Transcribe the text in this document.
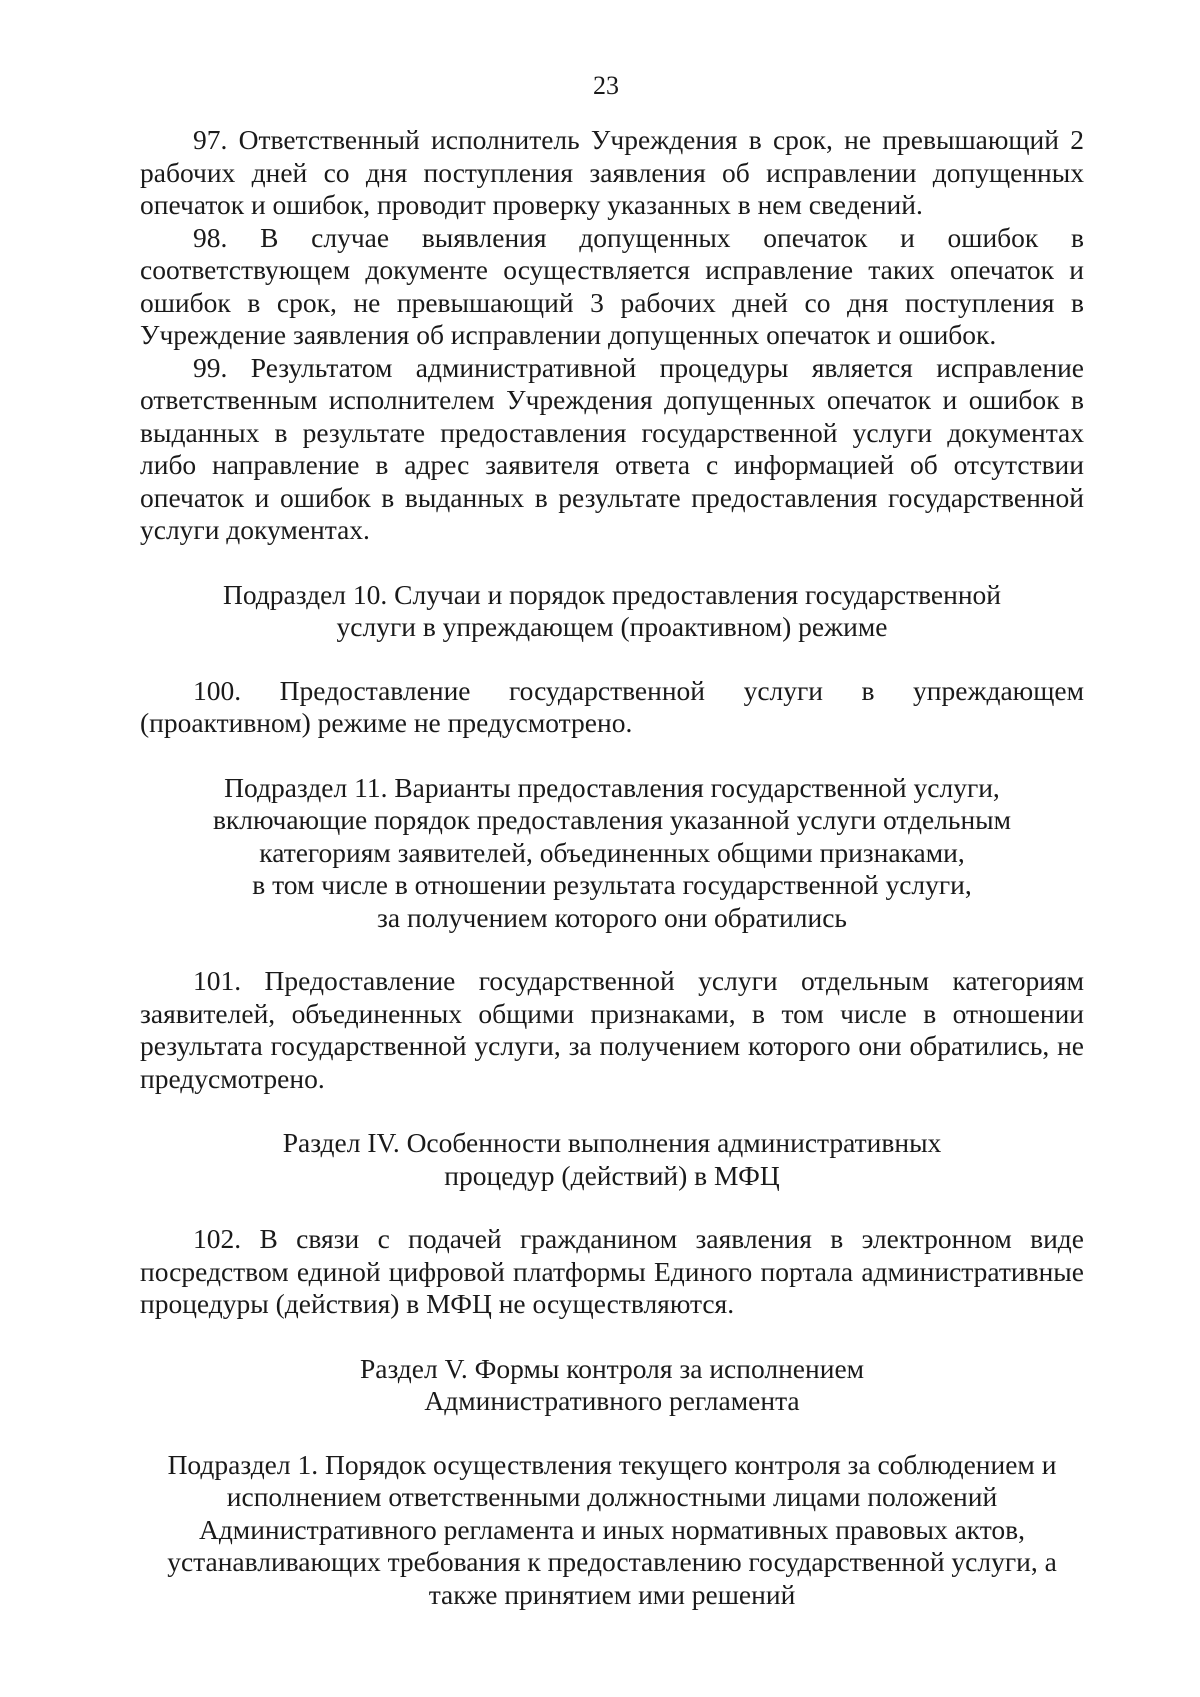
23

97. Ответственный исполнитель Учреждения в срок, не превышающий 2 рабочих дней со дня поступления заявления об исправлении допущенных опечаток и ошибок, проводит проверку указанных в нем сведений.

98. В случае выявления допущенных опечаток и ошибок в соответствующем документе осуществляется исправление таких опечаток и ошибок в срок, не превышающий 3 рабочих дней со дня поступления в Учреждение заявления об исправлении допущенных опечаток и ошибок.

99. Результатом административной процедуры является исправление ответственным исполнителем Учреждения допущенных опечаток и ошибок в выданных в результате предоставления государственной услуги документах либо направление в адрес заявителя ответа с информацией об отсутствии опечаток и ошибок в выданных в результате предоставления государственной услуги документах.

Подраздел 10. Случаи и порядок предоставления государственной
услуги в упреждающем (проактивном) режиме

100. Предоставление государственной услуги в упреждающем (проактивном) режиме не предусмотрено.

Подраздел 11. Варианты предоставления государственной услуги,
включающие порядок предоставления указанной услуги отдельным
категориям заявителей, объединенных общими признаками,
в том числе в отношении результата государственной услуги,
за получением которого они обратились

101. Предоставление государственной услуги отдельным категориям заявителей, объединенных общими признаками, в том числе в отношении результата государственной услуги, за получением которого они обратились, не предусмотрено.

Раздел IV. Особенности выполнения административных
процедур (действий) в МФЦ

102. В связи с подачей гражданином заявления в электронном виде посредством единой цифровой платформы Единого портала административные процедуры (действия) в МФЦ не осуществляются.

Раздел V. Формы контроля за исполнением
Административного регламента
Подраздел 1. Порядок осуществления текущего контроля за соблюдением и
исполнением ответственными должностными лицами положений
Административного регламента и иных нормативных правовых актов,
устанавливающих требования к предоставлению государственной услуги, а
также принятием ими решений
